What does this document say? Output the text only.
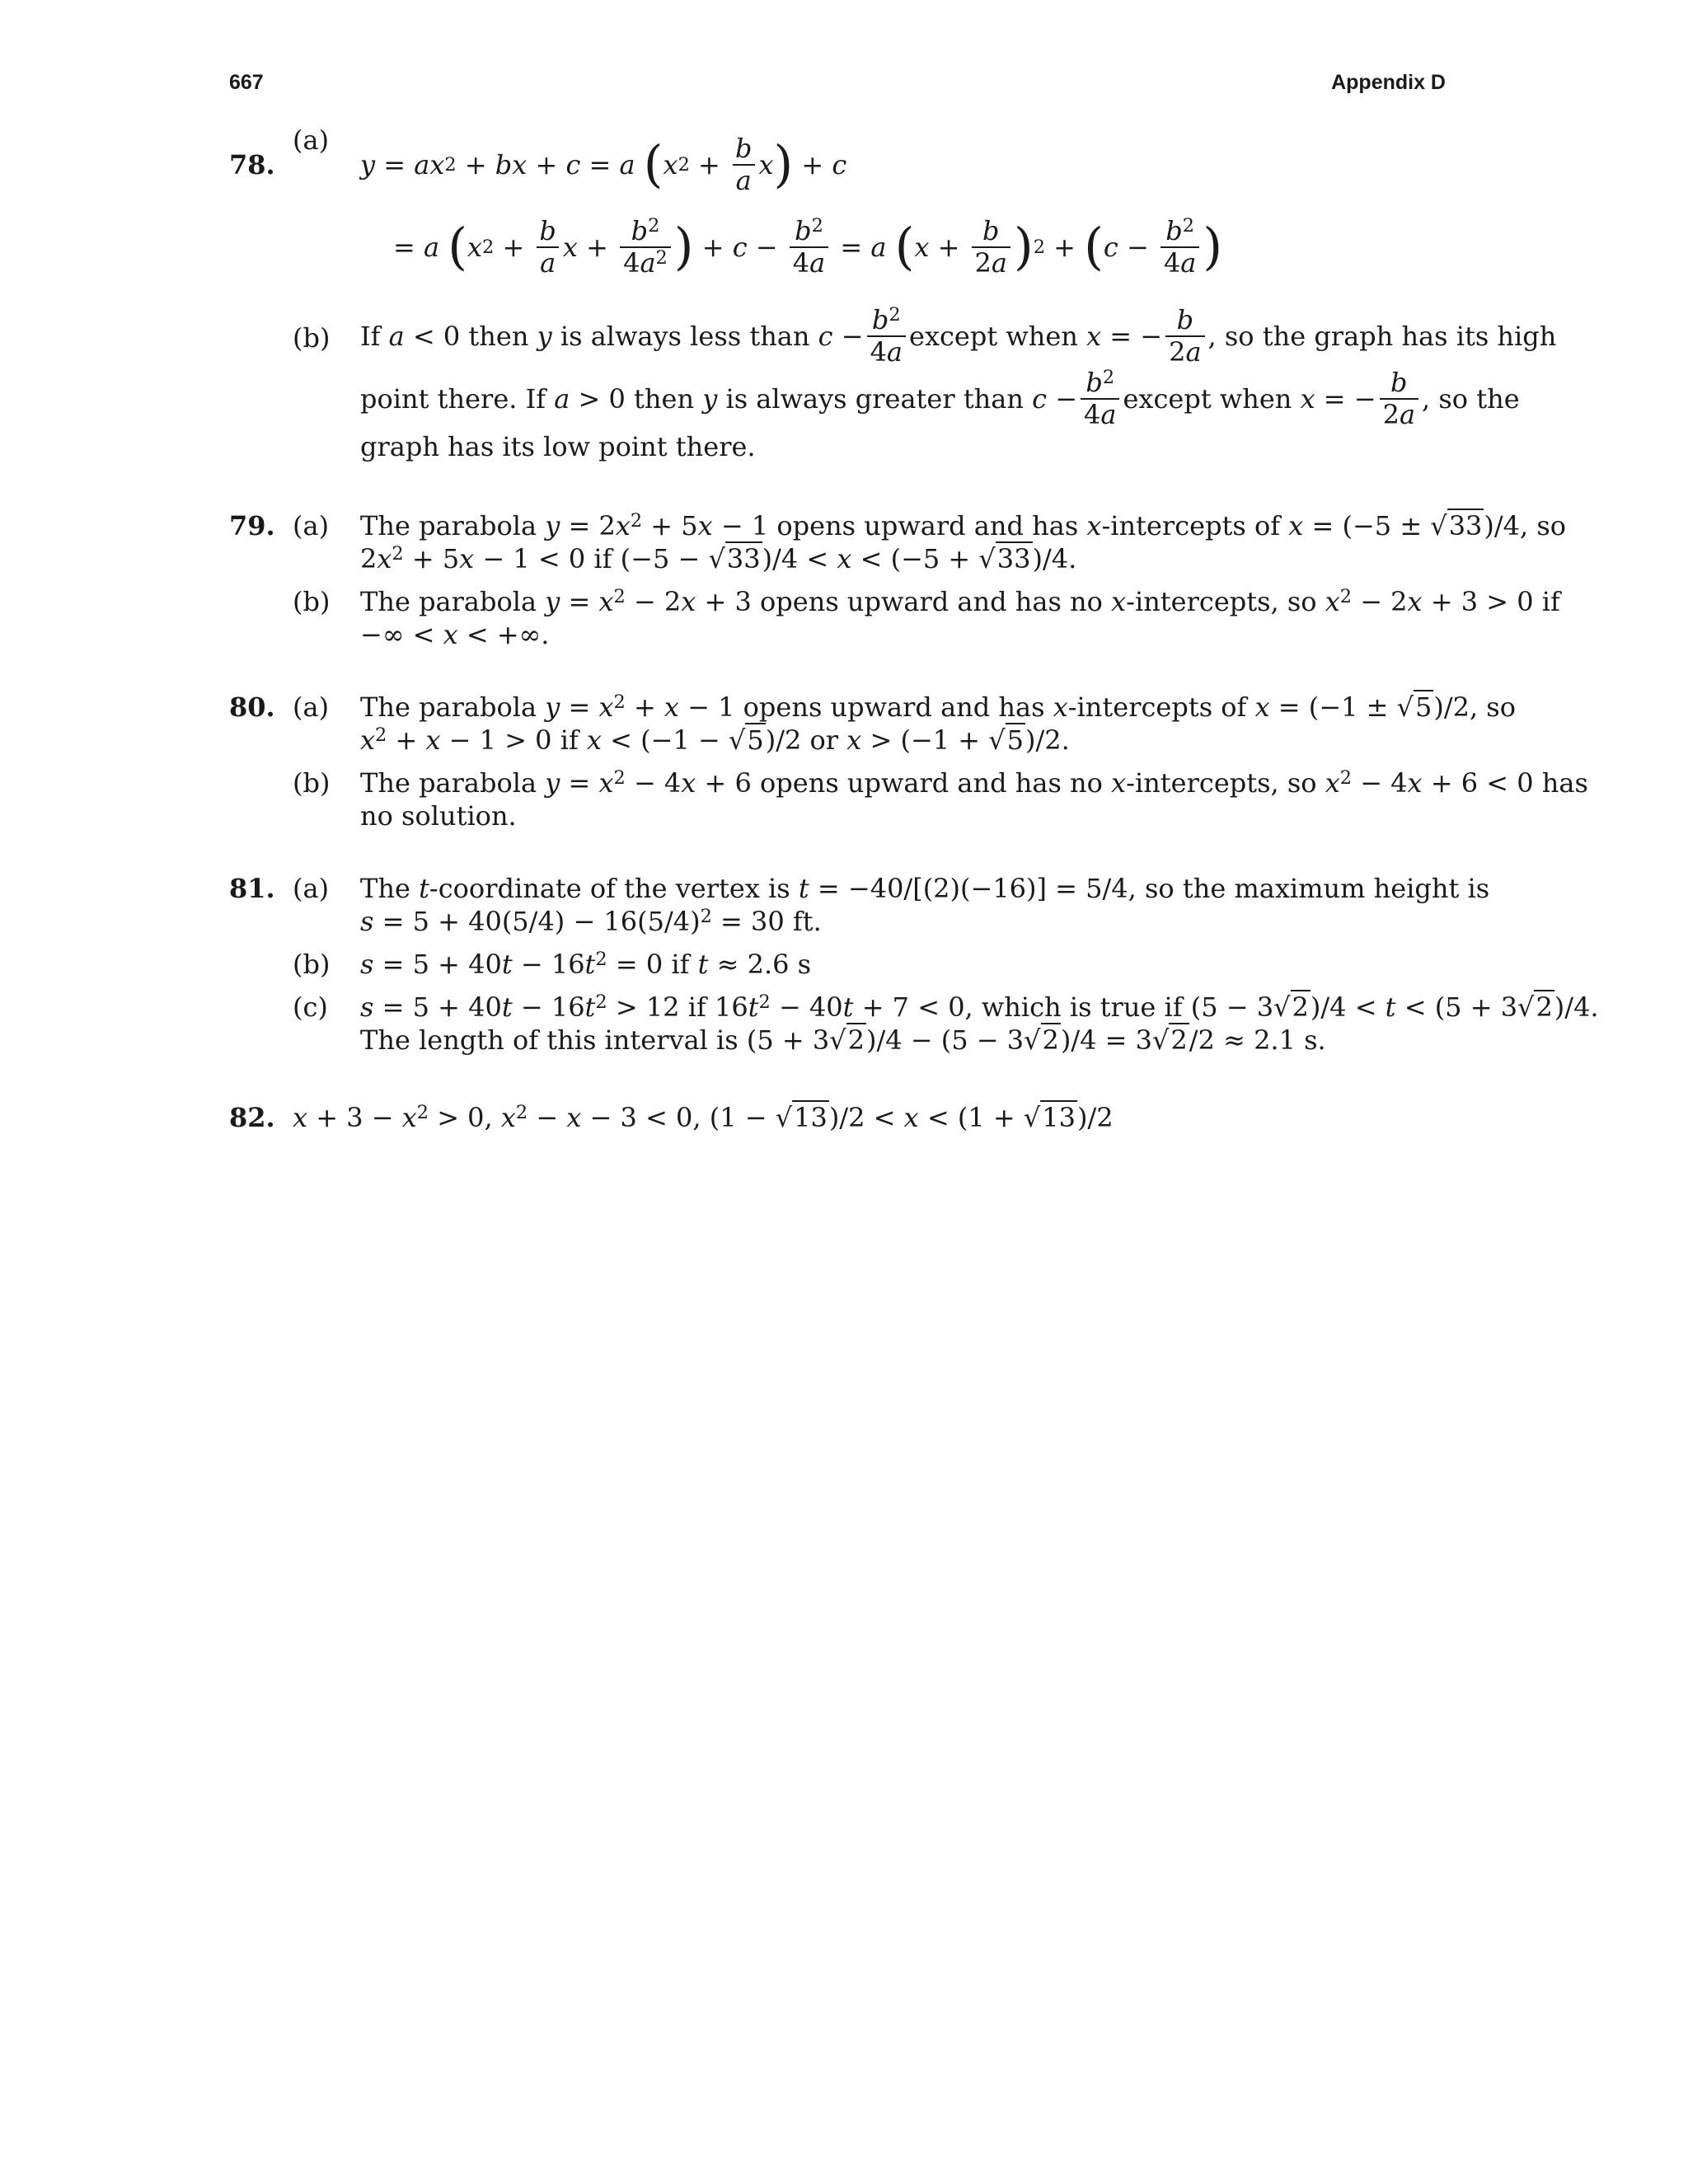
667	Appendix D
78.
(a)
y = ax 2 + bx + c = a
( x $2 + \frac{b}{a}$ x ) + c
= a
( x $2 + \frac{b}{a}$ $x + \frac{b^2}{4a^2}$ ) + $c - \frac{b^2}{4a} = a$
( $x + \frac{b}{2a}$ ) 2 + ( $c - \frac{b^2}{4a}$ )
(b) If a < 0 then y is always less than $c - \frac{b^2}{4a}$ except when x = − $\frac{b}{2a}$ , so the graph has its high
point there. If a > 0 then y is always greater than $c - \frac{b^2}{4a}$ except when x = − $\frac{b}{2a}$ , so the
graph has its low point there.
79. (a) The parabola $y = 2x^2 + 5x - 1$ opens upward and has x-intercepts of x = (−5 ± √33)/4, so
$2x^2 + 5x - 1 < 0$ if (−5 − √33)/4 < x < (−5 + √33)/4.
(b) The parabola $y = x^2 - 2x + 3$ opens upward and has no x-intercepts, so $x^2 - 2x + 3 > 0$ if
−∞ < x < +∞.
80. (a) The parabola $y = x^2 + x - 1$ opens upward and has x-intercepts of x = (−1 ± √5)/2, so
$x^2 + x - 1 > 0$ if x < (−1 − √5)/2 or x > (−1 + √5)/2.
(b) The parabola $y = x^2 - 4x + 6$ opens upward and has no x-intercepts, so $x^2 - 4x + 6 < 0$ has
no solution.
81. (a) The t-coordinate of the vertex is t = −40/[(2)(−16)] = 5/4, so the maximum height is
$s = 5 + 40(5/4) - 16(5/4)^2 = 30$ ft.
(b) $s = 5 + 40t - 16t^2 = 0$ if t ≈ 2.6 s
(c) $s = 5 + 40t - 16t^2 > 12$ if $16t^2 - 40t + 7 < 0$, which is true if (5 − 3√2)/4 < t < (5 + 3√2)/4.
The length of this interval is (5 + 3√2)/4 − (5 − 3√2)/4 = 3√2/2 ≈ 2.1 s.
82. $x + 3 - x^2 > 0$, $x^2 - x - 3 < 0$, (1 − √13)/2 < x < (1 + √13)/2
